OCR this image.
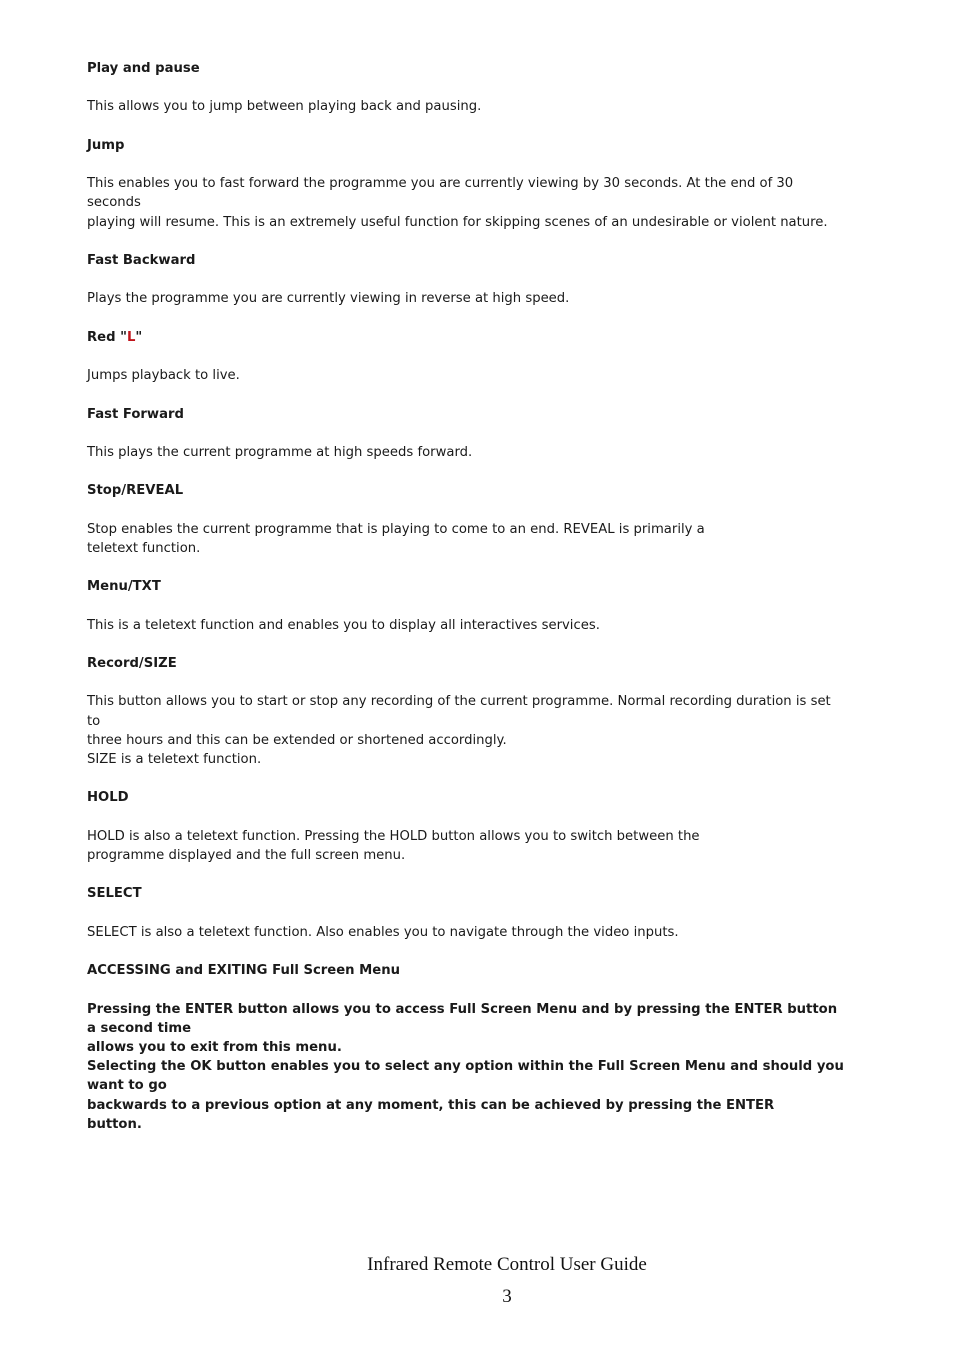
Play and pause

This allows you to jump between playing back and pausing.

Jump

This enables you to fast forward the programme you are currently viewing by 30 seconds. At the end of 30 seconds

playing will resume. This is an extremely useful function for skipping scenes of an undesirable or violent nature.

Fast Backward

Plays the programme you are currently viewing in reverse at high speed.

Red "L"

Jumps playback to live.

Fast Forward

This plays the current programme at high speeds forward.

Stop/REVEAL

Stop enables the current programme that is playing to come to an end. REVEAL is primarily a

teletext function.

Menu/TXT

This is a teletext function and enables you to display all interactives services.

Record/SIZE

This button allows you to start or stop any recording of the current programme. Normal recording duration is set to

three hours and this can be extended or shortened accordingly.

SIZE is a teletext function.

HOLD

HOLD is also a teletext function. Pressing the HOLD button allows you to switch between the

programme displayed and the full screen menu.

SELECT

SELECT is also a teletext function. Also enables you to navigate through the video inputs.

ACCESSING and EXITING Full Screen Menu

Pressing the ENTER button allows you to access Full Screen Menu and by pressing the ENTER button a second time

allows you to exit from this menu.

Selecting the OK button enables you to select any option within the Full Screen Menu and should you want to go

backwards to a previous option at any moment, this can be achieved by pressing the ENTER

button.

Infrared Remote Control User Guide
3
